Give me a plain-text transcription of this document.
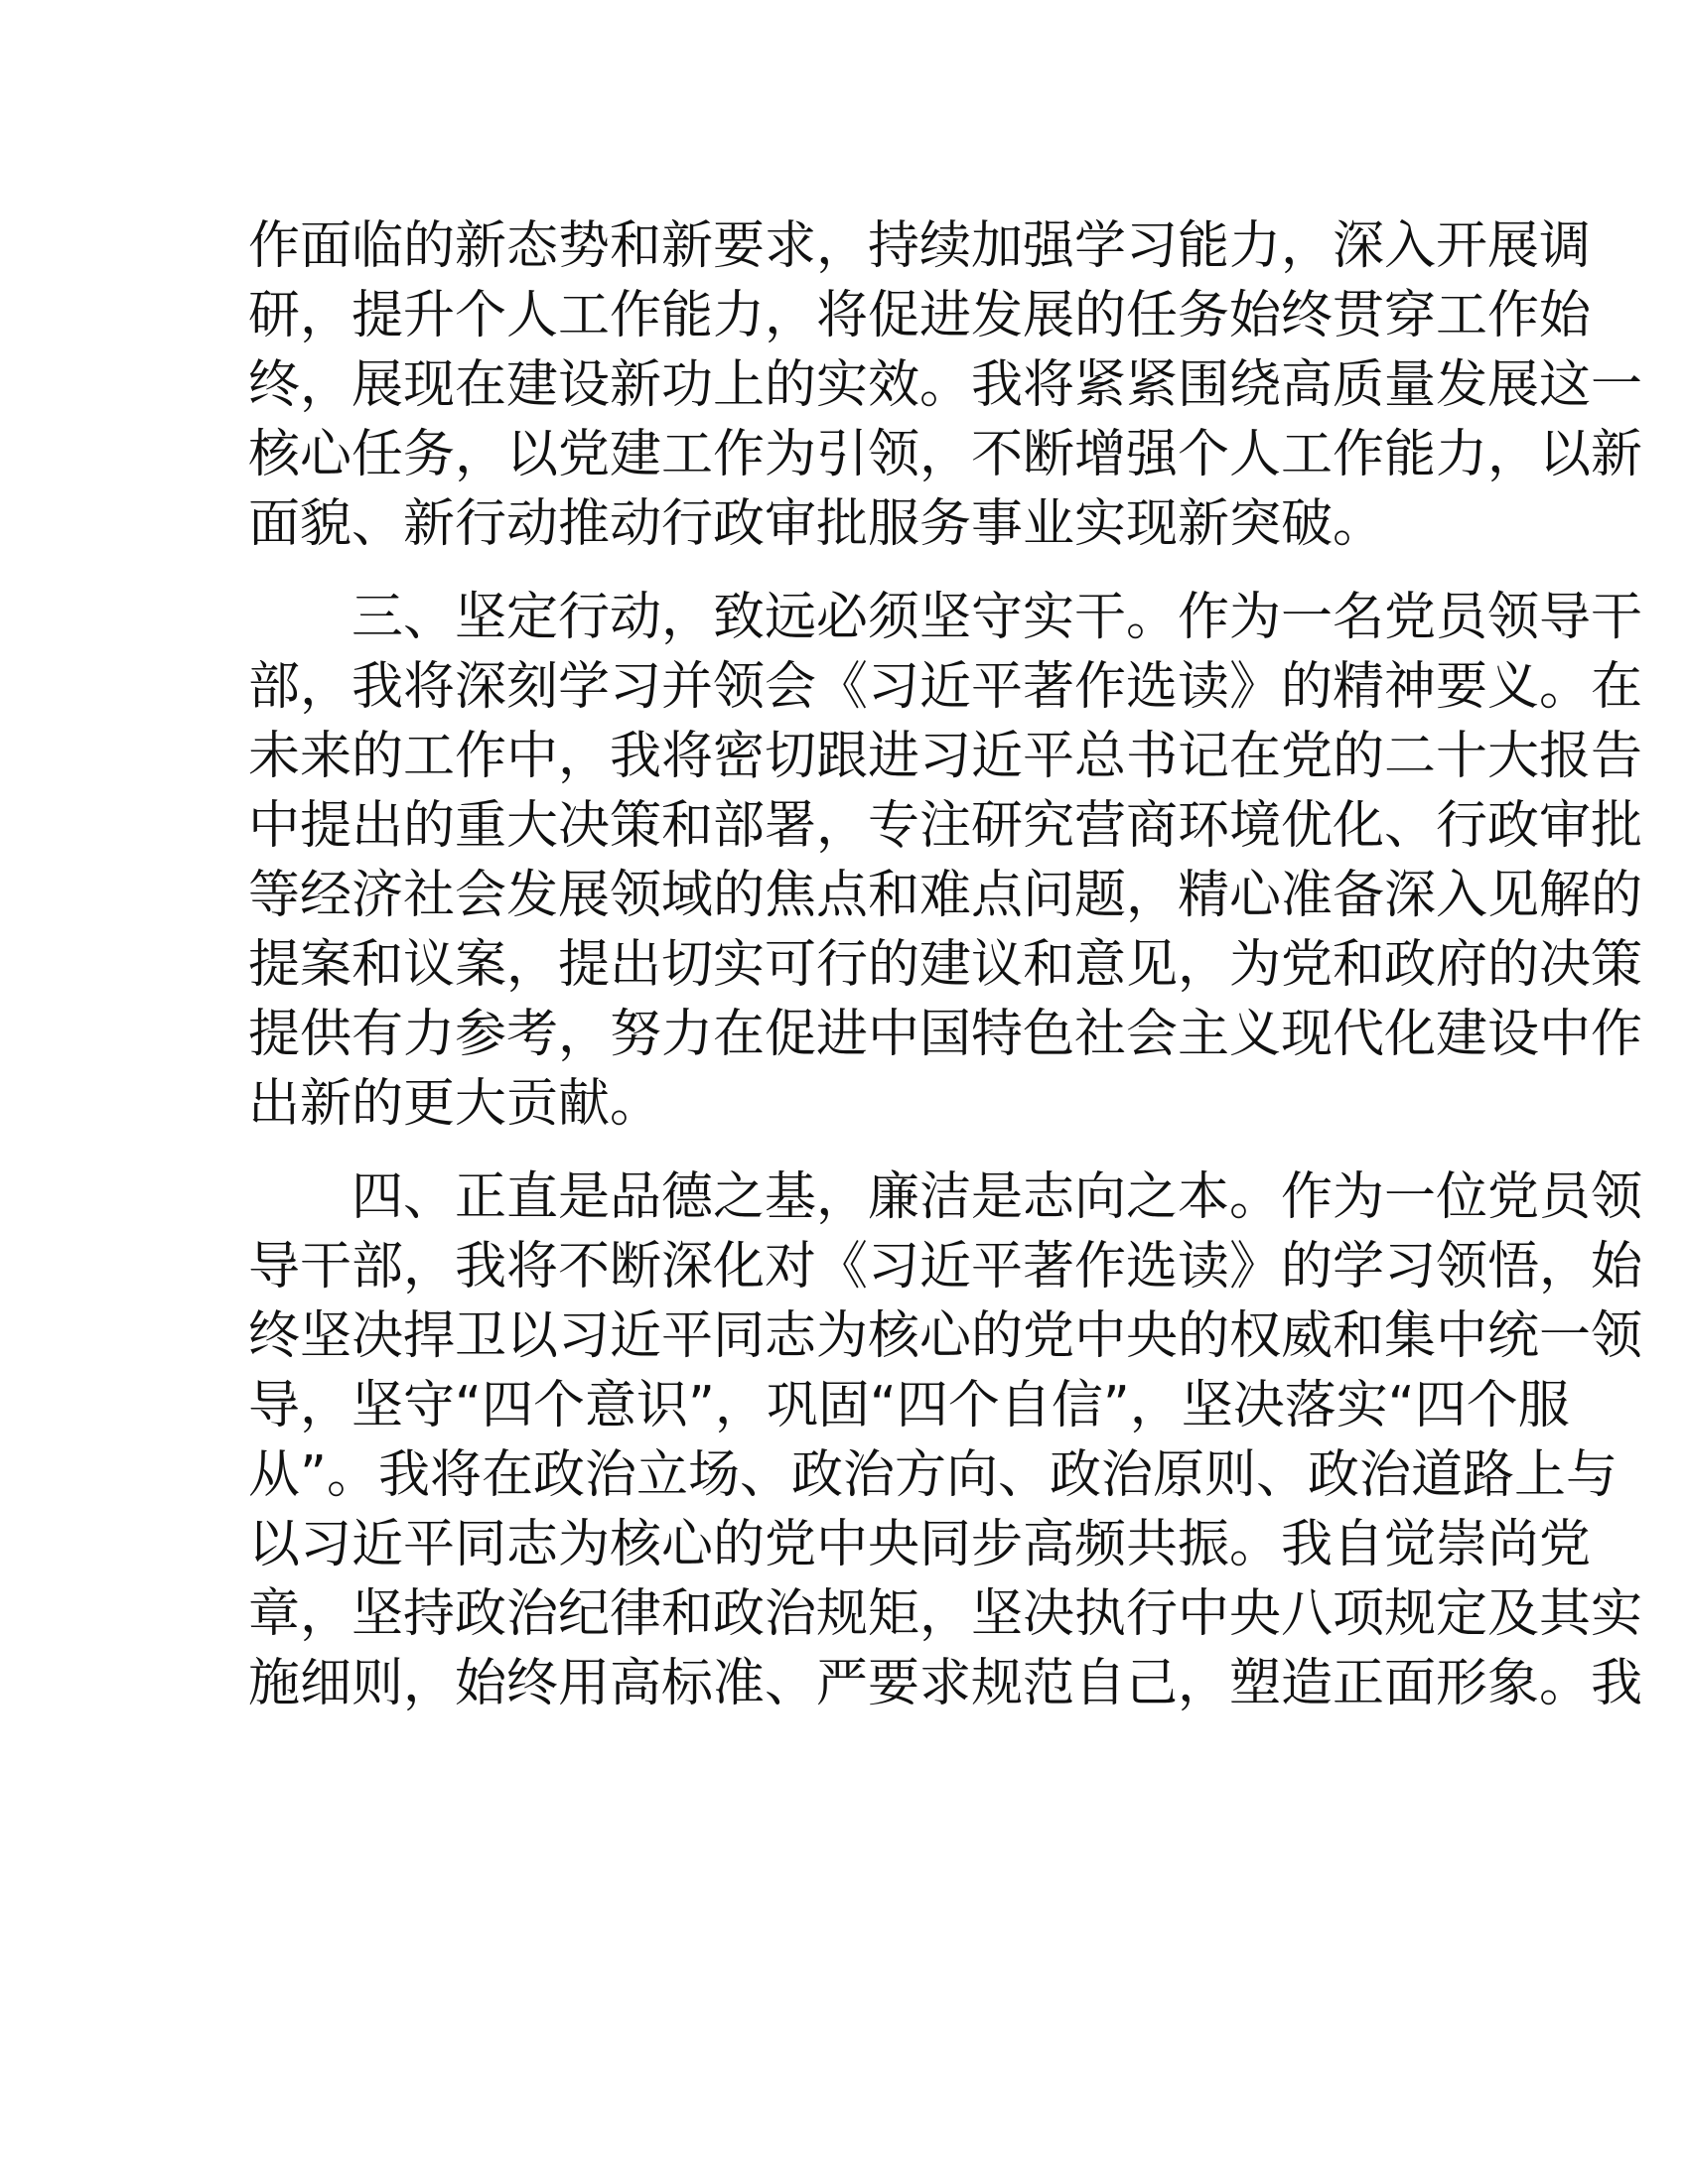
作面临的新态势和新要求，持续加强学习能力，深入开展调
研，提升个人工作能力，将促进发展的任务始终贯穿工作始
终，展现在建设新功上的实效。我将紧紧围绕高质量发展这一
核心任务，以党建工作为引领，不断增强个人工作能力，以新
面貌、新行动推动行政审批服务事业实现新突破。
三、坚定行动，致远必须坚守实干。作为一名党员领导干
部，我将深刻学习并领会《习近平著作选读》的精神要义。在
未来的工作中，我将密切跟进习近平总书记在党的二十大报告
中提出的重大决策和部署，专注研究营商环境优化、行政审批
等经济社会发展领域的焦点和难点问题，精心准备深入见解的
提案和议案，提出切实可行的建议和意见，为党和政府的决策
提供有力参考，努力在促进中国特色社会主义现代化建设中作
出新的更大贡献。
四、正直是品德之基，廉洁是志向之本。作为一位党员领
导干部，我将不断深化对《习近平著作选读》的学习领悟，始
终坚决捍卫以习近平同志为核心的党中央的权威和集中统一领
导，坚守“四个意识”，巩固“四个自信”，坚决落实“四个服
从”。我将在政治立场、政治方向、政治原则、政治道路上与
以习近平同志为核心的党中央同步高频共振。我自觉崇尚党
章，坚持政治纪律和政治规矩，坚决执行中央八项规定及其实
施细则，始终用高标准、严要求规范自己，塑造正面形象。我
